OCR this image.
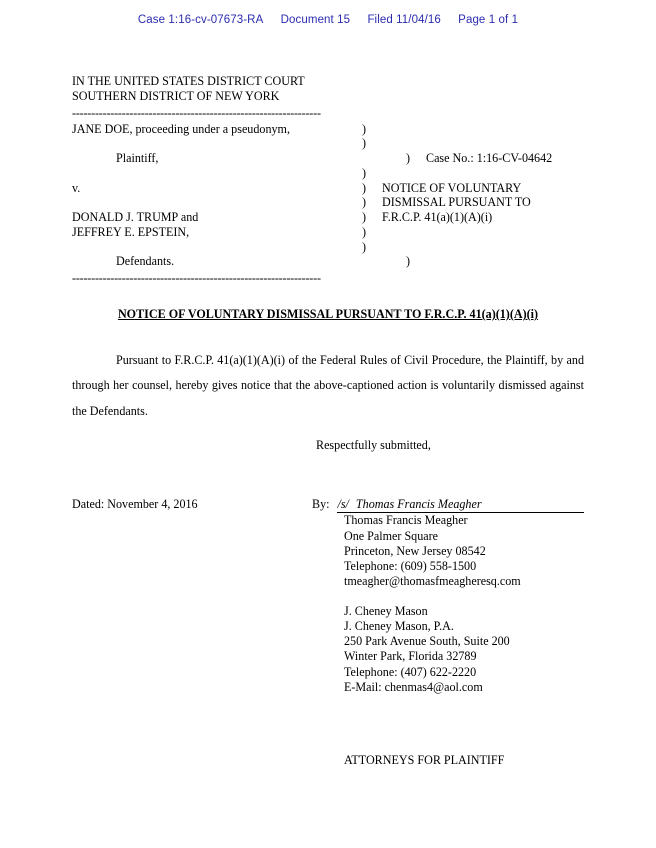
Case 1:16-cv-07673-RA Document 15 Filed 11/04/16 Page 1 of 1
IN THE UNITED STATES DISTRICT COURT
SOUTHERN DISTRICT OF NEW YORK
-----------------------------------------------------------------
JANE DOE, proceeding under a pseudonym,	)
)
Plaintiff,	)	Case No.: 1:16-CV-04642
)
v.	)	NOTICE OF VOLUNTARY
)	DISMISSAL PURSUANT TO
DONALD J. TRUMP and	)	F.R.C.P. 41(a)(1)(A)(i)
JEFFREY E. EPSTEIN,	)
)
Defendants.	)
-----------------------------------------------------------------
NOTICE OF VOLUNTARY DISMISSAL PURSUANT TO F.R.C.P. 41(a)(1)(A)(i)
Pursuant to F.R.C.P. 41(a)(1)(A)(i) of the Federal Rules of Civil Procedure, the Plaintiff, by and through her counsel, hereby gives notice that the above-captioned action is voluntarily dismissed against the Defendants.
Respectfully submitted,
Dated: November 4, 2016	By: /s/ Thomas Francis Meagher
Thomas Francis Meagher
One Palmer Square
Princeton, New Jersey 08542
Telephone: (609) 558-1500
tmeagher@thomasfmeagheresq.com
J. Cheney Mason
J. Cheney Mason, P.A.
250 Park Avenue South, Suite 200
Winter Park, Florida 32789
Telephone: (407) 622-2220
E-Mail: chenmas4@aol.com
ATTORNEYS FOR PLAINTIFF
